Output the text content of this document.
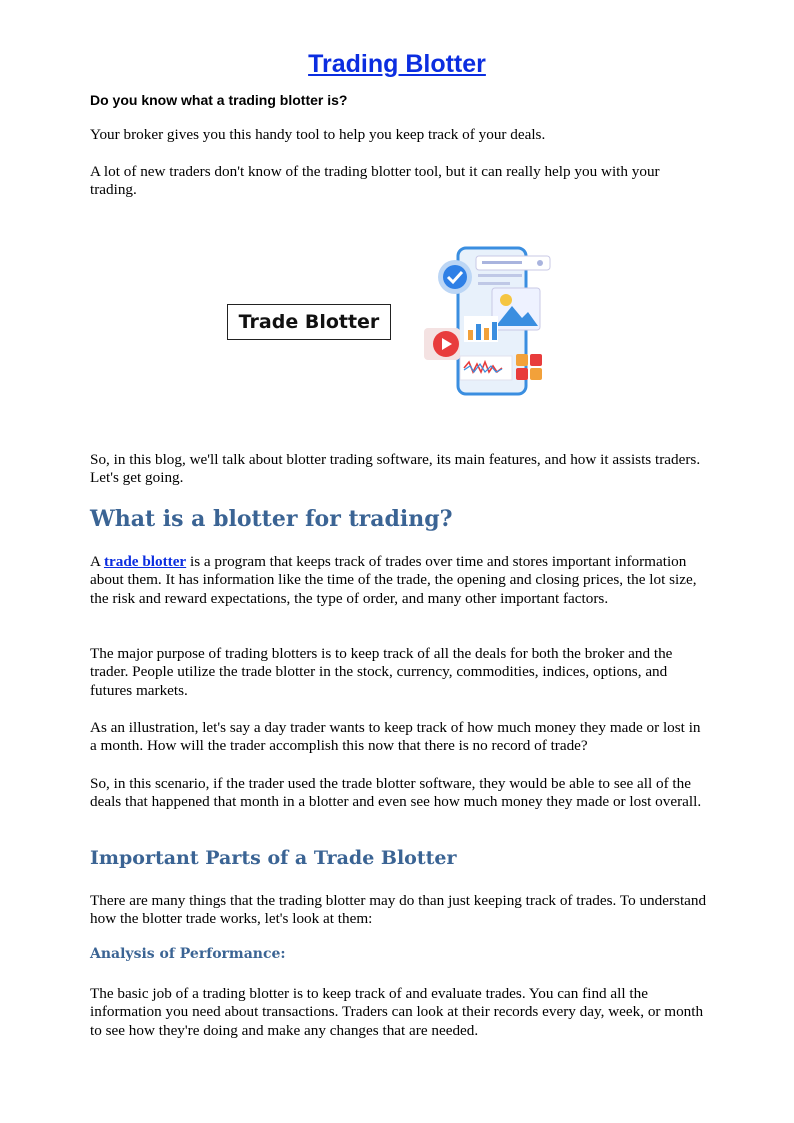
Trading Blotter

Do you know what a trading blotter is?

Your broker gives you this handy tool to help you keep track of your deals.

A lot of new traders don't know of the trading blotter tool, but it can really help you with your trading.

Trade Blotter

So, in this blog, we'll talk about blotter trading software, its main features, and how it assists traders. Let's get going.

What is a blotter for trading?

A trade blotter is a program that keeps track of trades over time and stores important information about them. It has information like the time of the trade, the opening and closing prices, the lot size, the risk and reward expectations, the type of order, and many other important factors.

The major purpose of trading blotters is to keep track of all the deals for both the broker and the trader. People utilize the trade blotter in the stock, currency, commodities, indices, options, and futures markets.

As an illustration, let's say a day trader wants to keep track of how much money they made or lost in a month. How will the trader accomplish this now that there is no record of trade?

So, in this scenario, if the trader used the trade blotter software, they would be able to see all of the deals that happened that month in a blotter and even see how much money they made or lost overall.

Important Parts of a Trade Blotter

There are many things that the trading blotter may do than just keeping track of trades. To understand how the blotter trade works, let's look at them:

Analysis of Performance:

The basic job of a trading blotter is to keep track of and evaluate trades. You can find all the information you need about transactions. Traders can look at their records every day, week, or month to see how they're doing and make any changes that are needed.
